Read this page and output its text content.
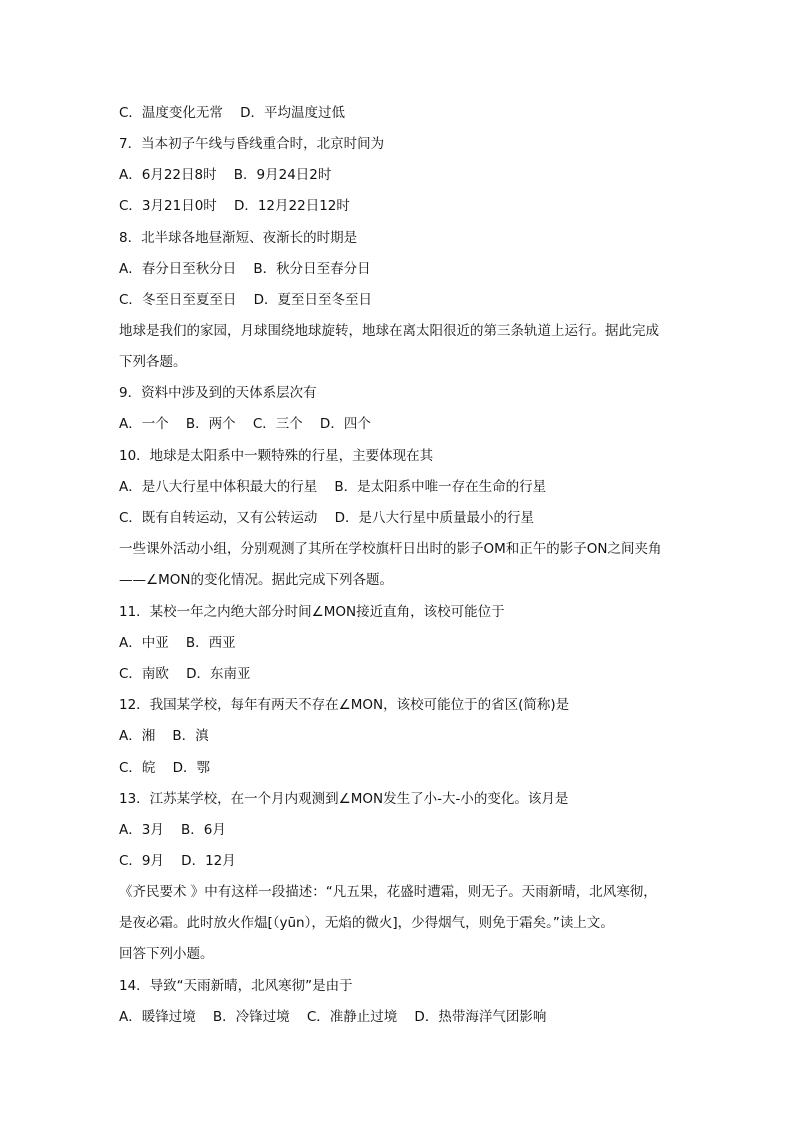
C．温度变化无常    D．平均温度过低
7．当本初子午线与昏线重合时，北京时间为
A．6月22日8时    B．9月24日2时
C．3月21日0时    D．12月22日12时
8．北半球各地昼渐短、夜渐长的时期是
A．春分日至秋分日    B．秋分日至春分日
C．冬至日至夏至日    D．夏至日至冬至日
地球是我们的家园，月球围绕地球旋转，地球在离太阳很近的第三条轨道上运行。据此完成
下列各题。
9．资料中涉及到的天体系层次有
A．一个    B．两个    C．三个    D．四个
10．地球是太阳系中一颗特殊的行星，主要体现在其
A．是八大行星中体积最大的行星    B．是太阳系中唯一存在生命的行星
C．既有自转运动，又有公转运动    D．是八大行星中质量最小的行星
一些课外活动小组，分别观测了其所在学校旗杆日出时的影子OM和正午的影子ON之间夹角
——∠MON的变化情况。据此完成下列各题。
11．某校一年之内绝大部分时间∠MON接近直角，该校可能位于
A．中亚    B．西亚
C．南欧    D．东南亚
12．我国某学校，每年有两天不存在∠MON，该校可能位于的省区(简称)是
A．湘    B．滇
C．皖    D．鄂
13．江苏某学校，在一个月内观测到∠MON发生了小-大-小的变化。该月是
A．3月    B．6月
C．9月    D．12月
《齐民要术 》中有这样一段描述：“凡五果，花盛时遭霜，则无子。天雨新晴，北风寒彻，
是夜必霜。此时放火作煴[（yūn），无焰的微火]，少得烟气，则免于霜矣。”读上文。
回答下列小题。
14．导致“天雨新晴，北风寒彻”是由于
A．暖锋过境    B．冷锋过境    C．准静止过境    D．热带海洋气团影响
